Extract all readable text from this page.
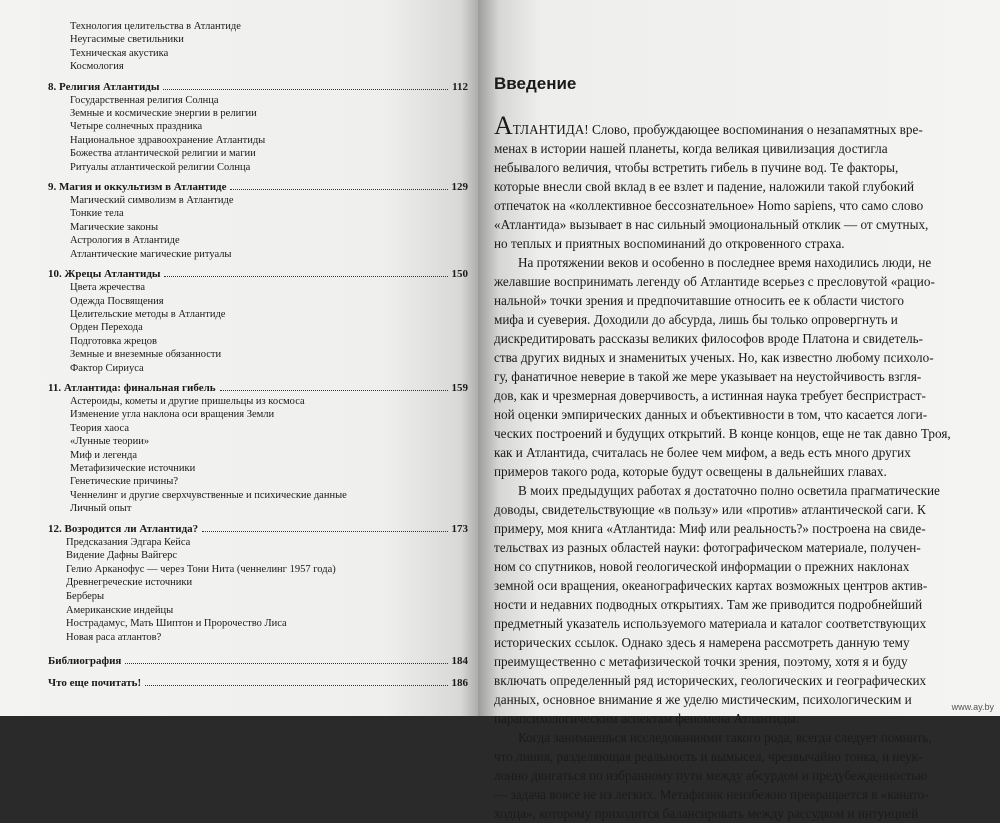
Технология целительства в Атлантиде
Неугасимые светильники
Техническая акустика
Космология
8. Религия Атлантиды	112
Государственная религия Солнца
Земные и космические энергии в религии
Четыре солнечных праздника
Национальное здравоохранение Атлантиды
Божества атлантической религии и магии
Ритуалы атлантической религии Солнца
9. Магия и оккультизм в Атлантиде	129
Магический символизм в Атлантиде
Тонкие тела
Магические законы
Астрология в Атлантиде
Атлантические магические ритуалы
10. Жрецы Атлантиды	150
Цвета жречества
Одежда Посвящения
Целительские методы в Атлантиде
Орден Перехода
Подготовка жрецов
Земные и внеземные обязанности
Фактор Сириуса
11. Атлантида: финальная гибель	159
Астероиды, кометы и другие пришельцы из космоса
Изменение угла наклона оси вращения Земли
Теория хаоса
«Лунные теории»
Миф и легенда
Метафизические источники
Генетические причины?
Ченнелинг и другие сверхчувственные и психические данные
Личный опыт
12. Возродится ли Атлантида?	173
Предсказания Эдгара Кейса
Видение Дафны Вайгерс
Гелио Арканофус — через Тони Нита (ченнелинг 1957 года)
Древнегреческие источники
Берберы
Американские индейцы
Нострадамус, Мать Шиптон и Пророчество Лиса
Новая раса атлантов?
Библиография	184
Что еще почитать!	186
Введение

АТЛАНТИДА! Слово, пробуждающее воспоминания о незапамятных вре-

менах в истории нашей планеты, когда великая цивилизация достигла

небывалого величия, чтобы встретить гибель в пучине вод. Те факторы,

которые внесли свой вклад в ее взлет и падение, наложили такой глубокий

отпечаток на «коллективное бессознательное» Homo sapiens, что само слово

«Атлантида» вызывает в нас сильный эмоциональный отклик — от смутных,

но теплых и приятных воспоминаний до откровенного страха.

На протяжении веков и особенно в последнее время находились люди, не

желавшие воспринимать легенду об Атлантиде всерьез с пресловутой «рацио-

нальной» точки зрения и предпочитавшие относить ее к области чистого

мифа и суеверия. Доходили до абсурда, лишь бы только опровергнуть и

дискредитировать рассказы великих философов вроде Платона и свидетель-

ства других видных и знаменитых ученых. Но, как известно любому психоло-

гу, фанатичное неверие в такой же мере указывает на неустойчивость взгля-

дов, как и чрезмерная доверчивость, а истинная наука требует беспристраст-

ной оценки эмпирических данных и объективности в том, что касается логи-

ческих построений и будущих открытий. В конце концов, еще не так давно Троя,

как и Атлантида, считалась не более чем мифом, а ведь есть много других

примеров такого рода, которые будут освещены в дальнейших главах.

В моих предыдущих работах я достаточно полно осветила прагматические

доводы, свидетельствующие «в пользу» или «против» атлантической саги. К

примеру, моя книга «Атлантида: Миф или реальность?» построена на свиде-

тельствах из разных областей науки: фотографическом материале, получен-

ном со спутников, новой геологической информации о прежних наклонах

земной оси вращения, океанографических картах возможных центров актив-

ности и недавних подводных открытиях. Там же приводится подробнейший

предметный указатель используемого материала и каталог соответствующих

исторических ссылок. Однако здесь я намерена рассмотреть данную тему

преимущественно с метафизической точки зрения, поэтому, хотя я и буду

включать определенный ряд исторических, геологических и географических

данных, основное внимание я же уделю мистическим, психологическим и

парапсихологическим аспектам феномена Атлантиды.

Когда занимаешься исследованиями такого рода, всегда следует помнить,

что линия, разделяющая реальность и вымысел, чрезвычайно тонка, и неук-

лонно двигаться по избранному пути между абсурдом и предубежденностью

— задача вовсе не из легких. Метафизик неизбежно превращается в «канато-

ходца», которому приходится балансировать между рассудком и интуицией

www.ay.by
